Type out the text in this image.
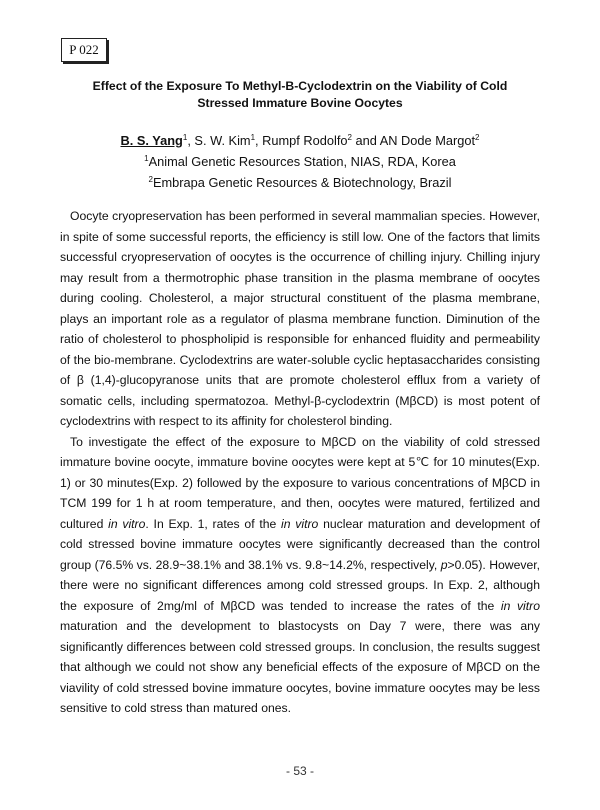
P 022
Effect of the Exposure To Methyl-B-Cyclodextrin on the Viability of Cold
Stressed Immature Bovine Oocytes
B. S. Yang$^1$, S. W. Kim$^1$, Rumpf Rodolfo$^2$ and AN Dode Margot$^2$
$^1$Animal Genetic Resources Station, NIAS, RDA, Korea
$^2$Embrapa Genetic Resources & Biotechnology, Brazil

Oocyte cryopreservation has been performed in several mammalian species. However, in spite of some successful reports, the efficiency is still low. One of the factors that limits successful cryopreservation of oocytes is the occurrence of chilling injury. Chilling injury may result from a thermotrophic phase transition in the plasma membrane of oocytes during cooling. Cholesterol, a major structural constituent of the plasma membrane, plays an important role as a regulator of plasma membrane function. Diminution of the ratio of cholesterol to phospholipid is responsible for enhanced fluidity and permeability of the bio-membrane. Cyclodextrins are water-soluble cyclic heptasaccharides consisting of β (1,4)-glucopyranose units that are promote cholesterol efflux from a variety of somatic cells, including spermatozoa. Methyl-β-cyclodextrin (MβCD) is most potent of cyclodextrins with respect to its affinity for cholesterol binding.

To investigate the effect of the exposure to MβCD on the viability of cold stressed immature bovine oocyte, immature bovine oocytes were kept at 5℃ for 10 minutes(Exp. 1) or 30 minutes(Exp. 2) followed by the exposure to various concentrations of MβCD in TCM 199 for 1 h at room temperature, and then, oocytes were matured, fertilized and cultured in vitro. In Exp. 1, rates of the in vitro nuclear maturation and development of cold stressed bovine immature oocytes were significantly decreased than the control group (76.5% vs. 28.9~38.1% and 38.1% vs. 9.8~14.2%, respectively, p>0.05). However, there were no significant differences among cold stressed groups. In Exp. 2, although the exposure of 2mg/ml of MβCD was tended to increase the rates of the in vitro maturation and the development to blastocysts on Day 7 were, there was any significantly differences between cold stressed groups. In conclusion, the results suggest that although we could not show any beneficial effects of the exposure of MβCD on the viavility of cold stressed bovine immature oocytes, bovine immature oocytes may be less sensitive to cold stress than matured ones.

- 53 -
